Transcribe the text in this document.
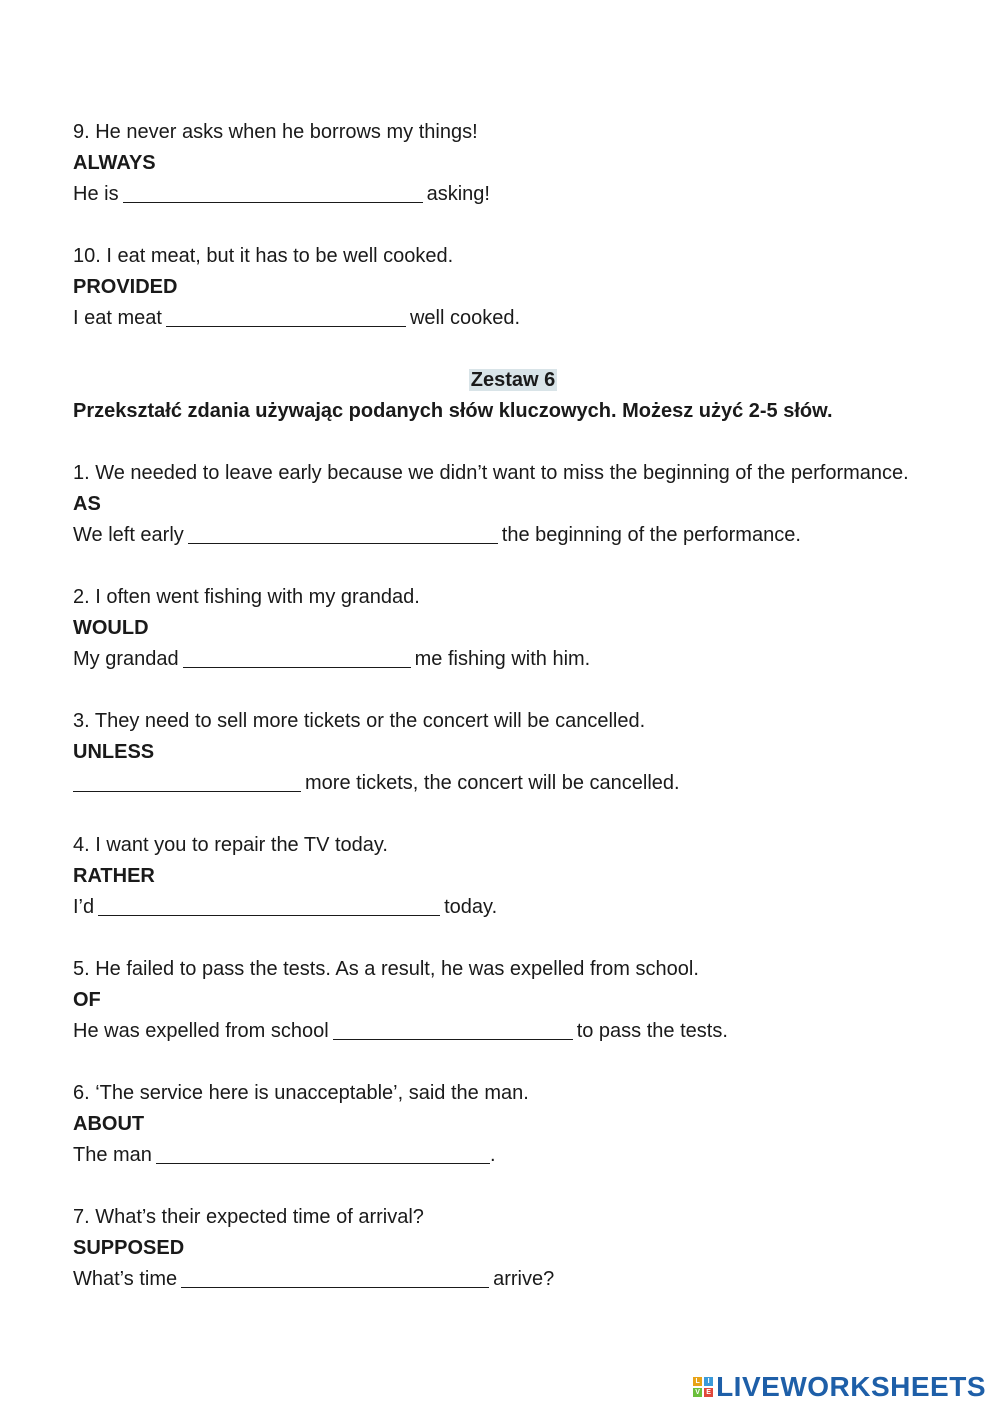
9. He never asks when he borrows my things!
ALWAYS
He is	asking!
10. I eat meat, but it has to be well cooked.
PROVIDED
I eat meat	well cooked.
Zestaw 6
Przekształć zdania używając podanych słów kluczowych. Możesz użyć 2-5 słów.
1. We needed to leave early because we didn’t want to miss the beginning of the performance.
AS
We left early	the beginning of the performance.
2. I often went fishing with my grandad.
WOULD
My grandad	me fishing with him.
3. They need to sell more tickets or the concert will be cancelled.
UNLESS
more tickets, the concert will be cancelled.
4. I want you to repair the TV today.
RATHER
I’d	today.
5. He failed to pass the tests. As a result, he was expelled from school.
OF
He was expelled from school	to pass the tests.
6. ‘The service here is unacceptable’, said the man.
ABOUT
The man	.
7. What’s their expected time of arrival?
SUPPOSED
What’s time	arrive?
L	I
V E LIVEWORKSHEETS
